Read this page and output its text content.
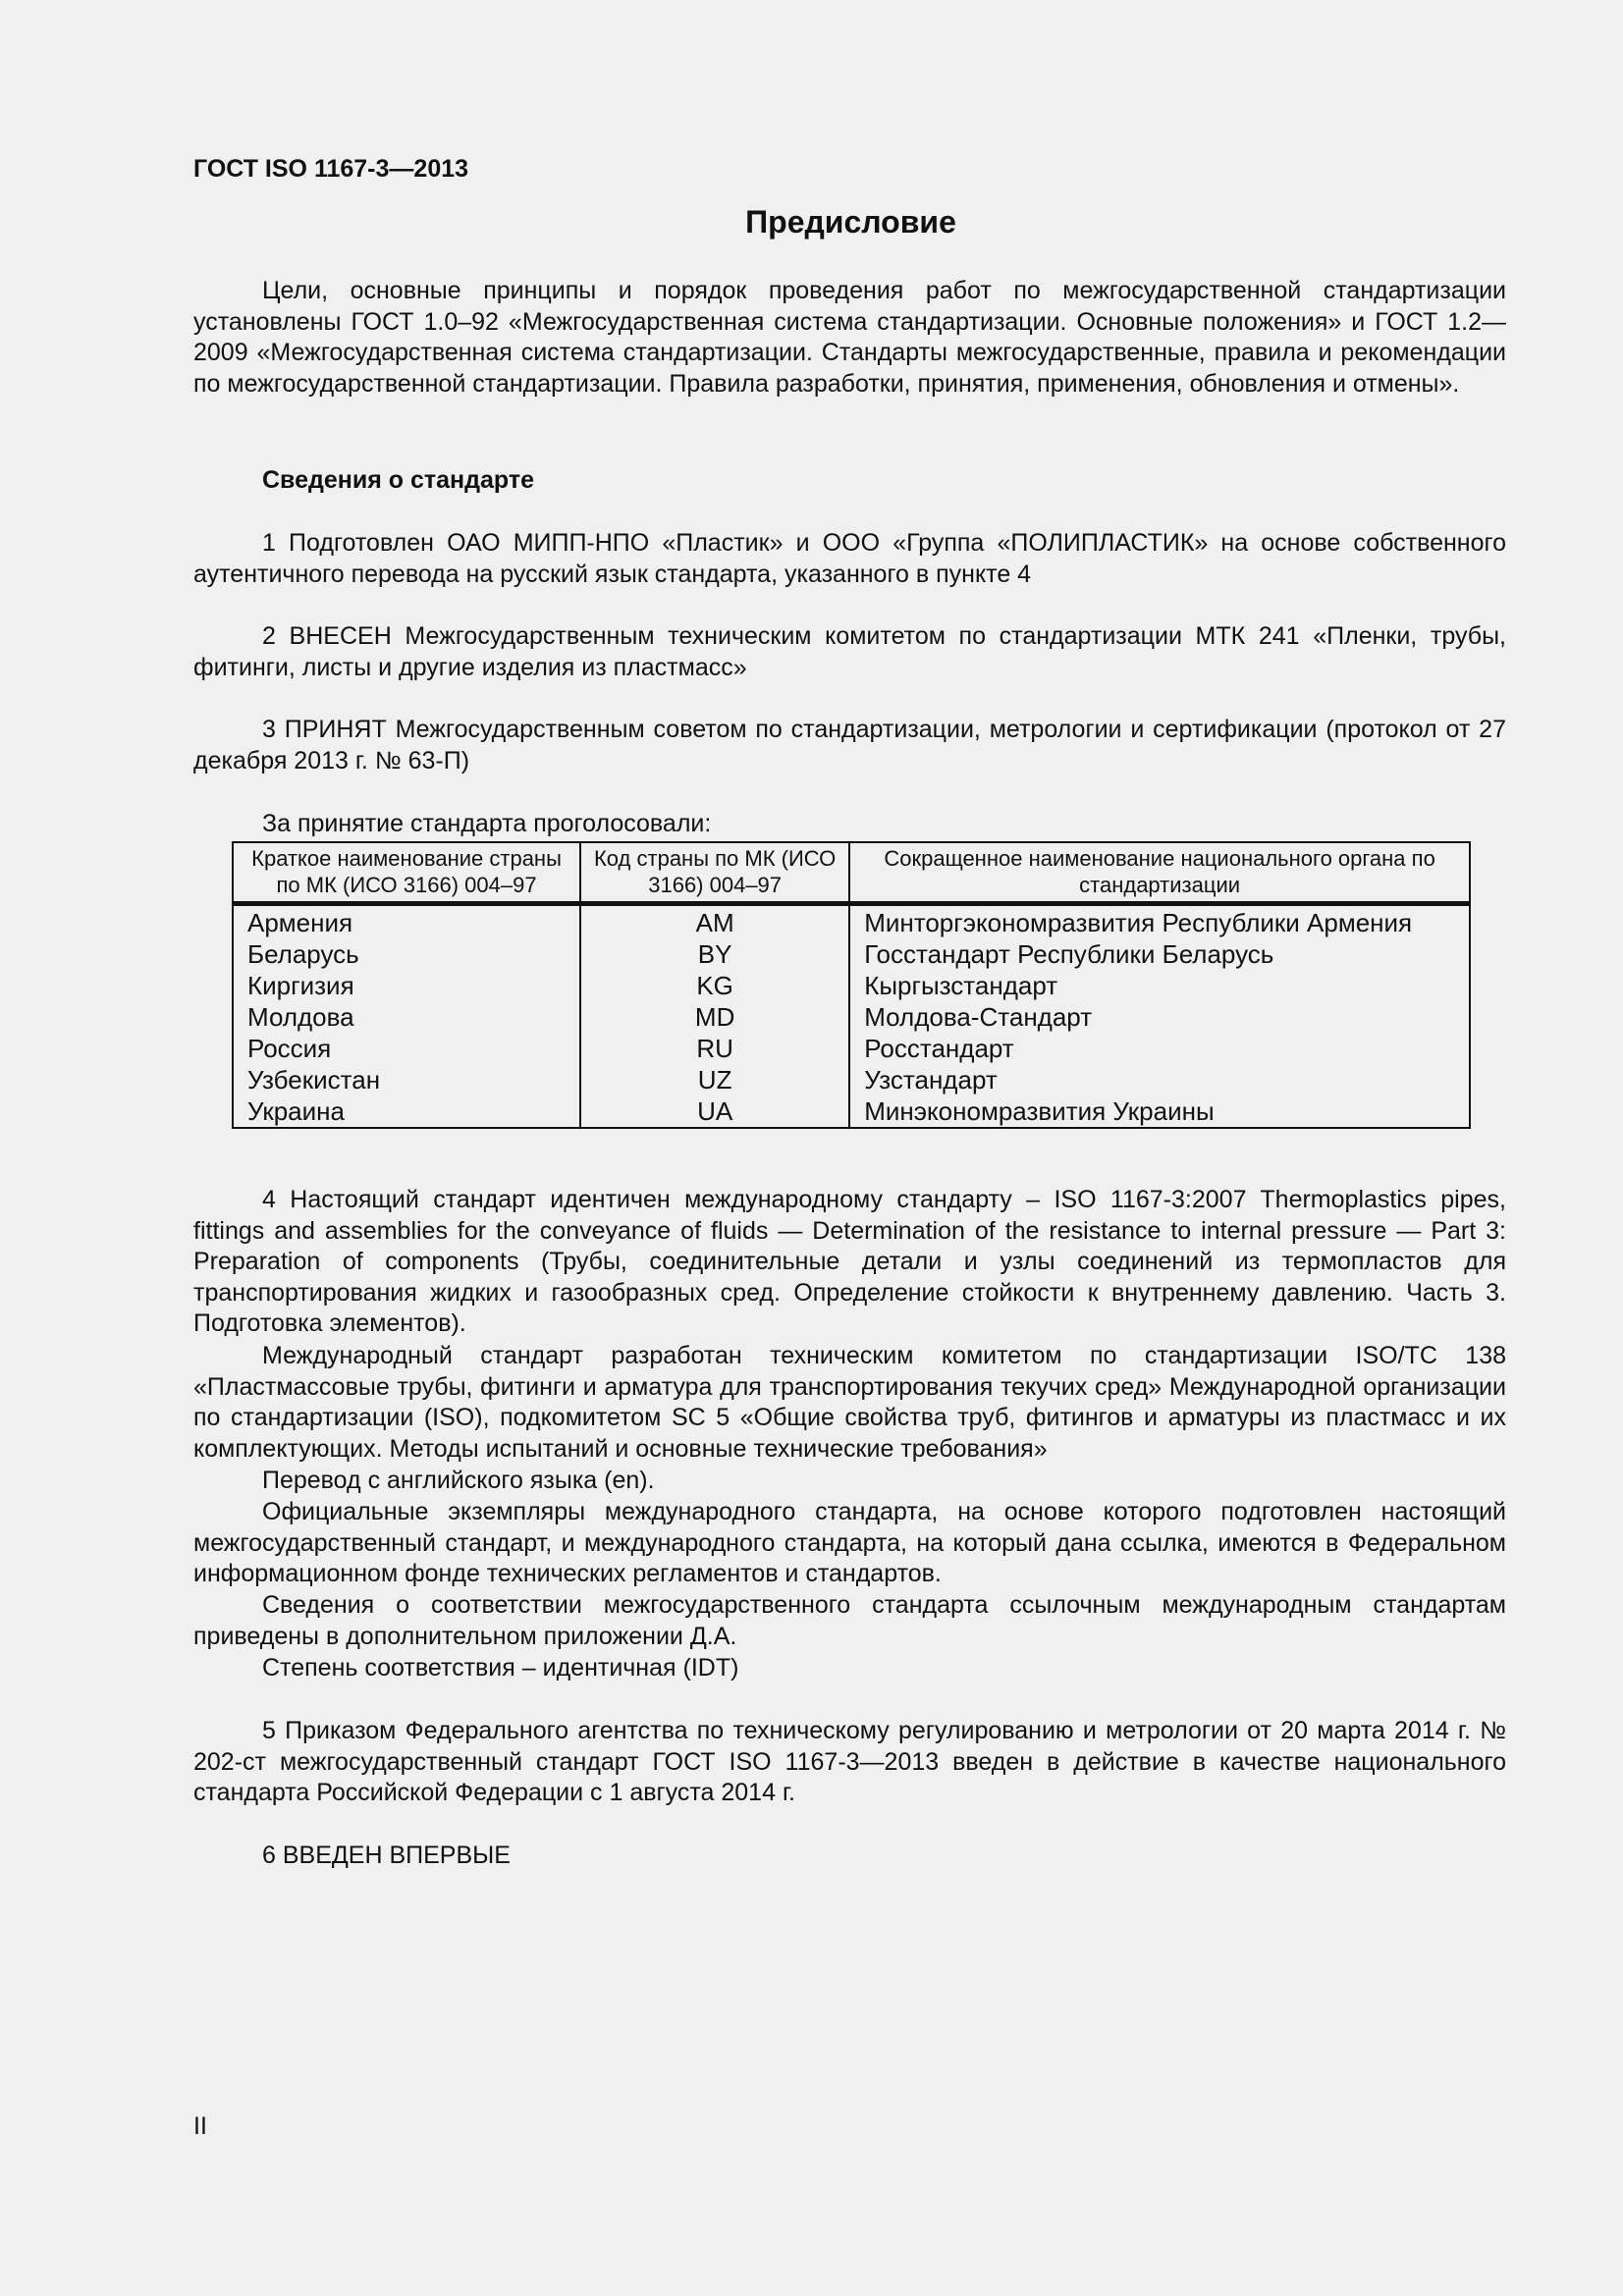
ГОСТ ISO 1167-3—2013
Предисловие

Цели, основные принципы и порядок проведения работ по межгосударственной стандартизации установлены ГОСТ 1.0–92 «Межгосударственная система стандартизации. Основные положения» и ГОСТ 1.2—2009 «Межгосударственная система стандартизации. Стандарты межгосударственные, правила и рекомендации по межгосударственной стандартизации. Правила разработки, принятия, применения, обновления и отмены».

Сведения о стандарте

1 Подготовлен ОАО МИПП-НПО «Пластик» и ООО «Группа «ПОЛИПЛАСТИК» на основе собственного аутентичного перевода на русский язык стандарта, указанного в пункте 4

2 ВНЕСЕН Межгосударственным техническим комитетом по стандартизации МТК 241 «Пленки, трубы, фитинги, листы и другие изделия из пластмасс»

3 ПРИНЯТ Межгосударственным советом по стандартизации, метрологии и сертификации (протокол от 27 декабря 2013 г. № 63-П)

За принятие стандарта проголосовали:
Краткое наименование страны по МК (ИСО 3166) 004–97	Код страны по МК (ИСО 3166) 004–97	Сокращенное наименование национального органа по стандартизации
Армения	AM	Минторгэкономразвития Республики Армения
Беларусь	BY	Госстандарт Республики Беларусь
Киргизия	KG	Кыргызстандарт
Молдова	MD	Молдова-Стандарт
Россия	RU	Росстандарт
Узбекистан	UZ	Узстандарт
Украина	UA	Минэкономразвития Украины

4 Настоящий стандарт идентичен международному стандарту – ISO 1167-3:2007 Thermoplastics pipes, fittings and assemblies for the conveyance of fluids — Determination of the resistance to internal pressure — Part 3: Preparation of components (Трубы, соединительные детали и узлы соединений из термопластов для транспортирования жидких и газообразных сред. Определение стойкости к внутреннему давлению. Часть 3. Подготовка элементов).

Международный стандарт разработан техническим комитетом по стандартизации ISO/TC 138 «Пластмассовые трубы, фитинги и арматура для транспортирования текучих сред» Международной организации по стандартизации (ISO), подкомитетом SC 5 «Общие свойства труб, фитингов и арматуры из пластмасс и их комплектующих. Методы испытаний и основные технические требования»

Перевод с английского языка (en).

Официальные экземпляры международного стандарта, на основе которого подготовлен настоящий межгосударственный стандарт, и международного стандарта, на который дана ссылка, имеются в Федеральном информационном фонде технических регламентов и стандартов.

Сведения о соответствии межгосударственного стандарта ссылочным международным стандартам приведены в дополнительном приложении Д.А.

Степень соответствия – идентичная (IDT)

5 Приказом Федерального агентства по техническому регулированию и метрологии от 20 марта 2014 г. № 202-ст межгосударственный стандарт ГОСТ ISO 1167-3—2013 введен в действие в качестве национального стандарта Российской Федерации с 1 августа 2014 г.

6 ВВЕДЕН ВПЕРВЫЕ

II
